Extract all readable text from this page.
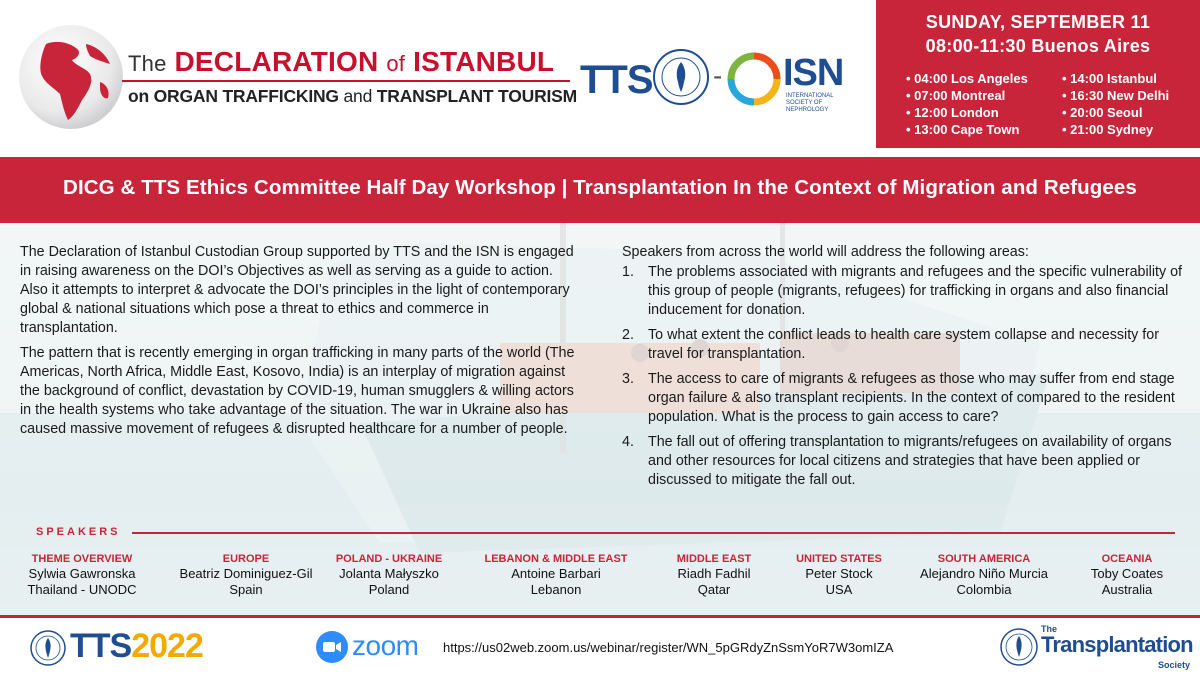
The DECLARATION of ISTANBUL
on ORGAN TRAFFICKING and TRANSPLANT TOURISM TTS - ISN
INTERNATIONAL SOCIETY OF NEPHROLOGY
SUNDAY, SEPTEMBER 11
08:00-11:30 Buenos Aires
• 04:00 Los Angeles
• 07:00 Montreal
• 12:00 London
• 13:00 Cape Town
• 14:00 Istanbul
• 16:30 New Delhi
• 20:00 Seoul
• 21:00 Sydney
DICG & TTS Ethics Committee Half Day Workshop | Transplantation In the Context of Migration and Refugees

The Declaration of Istanbul Custodian Group supported by TTS and the ISN is engaged in raising awareness on the DOI’s Objectives as well as serving as a guide to action. Also it attempts to interpret & advocate the DOI’s principles in the light of contemporary global & national situations which pose a threat to ethics and commerce in transplantation.

The pattern that is recently emerging in organ trafficking in many parts of the world (The Americas, North Africa, Middle East, Kosovo, India) is an interplay of migration against the background of conflict, devastation by COVID-19, human smugglers & willing actors in the health systems who take advantage of the situation. The war in Ukraine also has caused massive movement of refugees & disrupted healthcare for a number of people.

Speakers from across the world will address the following areas:
1. The problems associated with migrants and refugees and the specific vulnerability of this group of people (migrants, refugees) for trafficking in organs and also financial inducement for donation.
2. To what extent the conflict leads to health care system collapse and necessity for travel for transplantation.
3. The access to care of migrants & refugees as those who may suffer from end stage organ failure & also transplant recipients. In the context of compared to the resident population. What is the process to gain access to care?
4. The fall out of offering transplantation to migrants/refugees on availability of organs and other resources for local citizens and strategies that have been applied or discussed to mitigate the fall out.
SPEAKERS
THEME OVERVIEW
Sylwia Gawronska
Thailand - UNODC
EUROPE
Beatriz Dominiguez-Gil
Spain
POLAND - UKRAINE
Jolanta Małyszko
Poland
LEBANON & MIDDLE EAST
Antoine Barbari
Lebanon
MIDDLE EAST
Riadh Fadhil
Qatar
UNITED STATES
Peter Stock
USA
SOUTH AMERICA
Alejandro Niño Murcia
Colombia
OCEANIA
Toby Coates
Australia
TTS2022	zoom https://us02web.zoom.us/webinar/register/WN_5pGRdyZnSsmYoR7W3omIZA
The
Transplantation
Society
